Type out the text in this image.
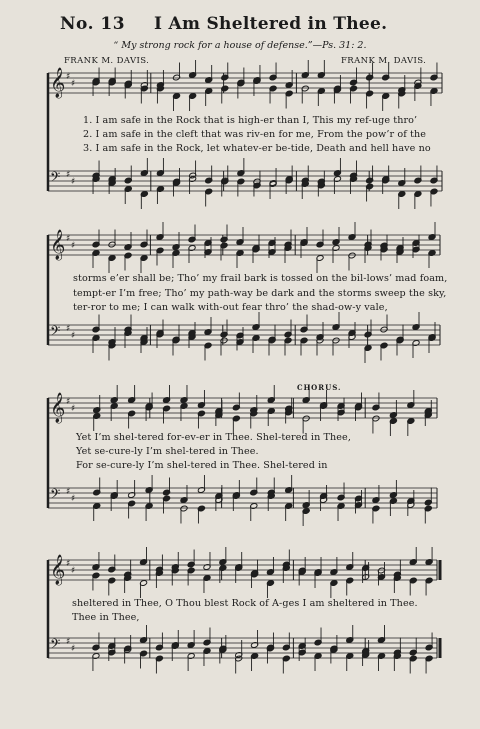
No. 13 I Am Sheltered in Thee.
“ My strong rock for a house of defense.”—Ps. 31: 2.
FRANK M. DAVIS.	FRANK M. DAVIS.
CHORUS.
𝄞 ♯
♯
𝄢 ♯
♯
𝄞 ♯
♯
𝄢 ♯
♯
𝄞 ♯
♯
𝄢 ♯
♯
𝄞 ♯
♯
𝄢 ♯
♯
1. I am safe in the Rock that is high-er than I, This my ref-uge thro’
2. I am safe in the cleft that was riv-en for me, From the pow’r of the
3. I am safe in the Rock, let whatev-er be-tide, Death and hell have no
storms e’er shall be; Tho’ my frail bark is tossed on the bil-lows’ mad foam,
tempt-er I’m free; Tho’ my path-way be dark and the storms sweep the sky,
ter-ror to me; I can walk with-out fear thro’ the shad-ow-y vale,
Yet I’m shel-tered for-ev-er in Thee. Shel-tered in Thee,
Yet se-cure-ly I’m shel-tered in Thee.
For se-cure-ly I’m shel-tered in Thee. Shel-tered in
sheltered in Thee, O Thou blest Rock of A-ges I am sheltered in Thee.
Thee in Thee,
